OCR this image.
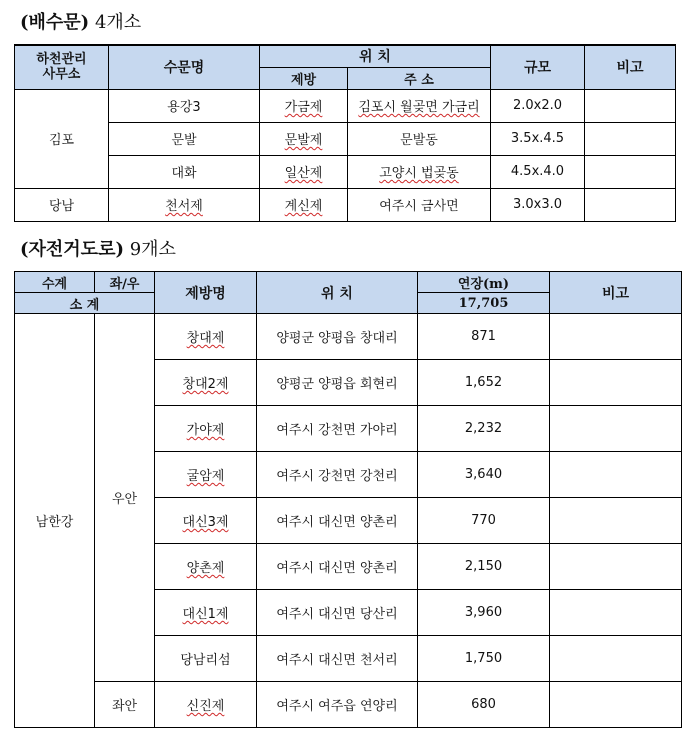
(배수문) 4개소
하천관리
사무소	수문명	위 치		규모	비고
		제방	주 소		
김포	용강3	가금제	김포시 월곶면 가금리	2.0x2.0	
	문발	문발제	문발동	3.5x.4.5	
	대화	일산제	고양시 법곶동	4.5x.4.0	
당남	천서제	계신제	여주시 금사면	3.0x3.0	
(자전거도로) 9개소
수계	좌/우	제방명	위 치	연장(m)	비고
소 계				17,705	
남한강	우안	창대제	양평군 양평읍 창대리	871	
		창대2제	양평군 양평읍 회현리	1,652	
		가야제	여주시 강천면 가야리	2,232	
		굴암제	여주시 강천면 강천리	3,640	
		대신3제	여주시 대신면 양촌리	770	
		양촌제	여주시 대신면 양촌리	2,150	
		대신1제	여주시 대신면 당산리	3,960	
		당남리섬	여주시 대신면 천서리	1,750	
	좌안	신진제	여주시 여주읍 연양리	680	
